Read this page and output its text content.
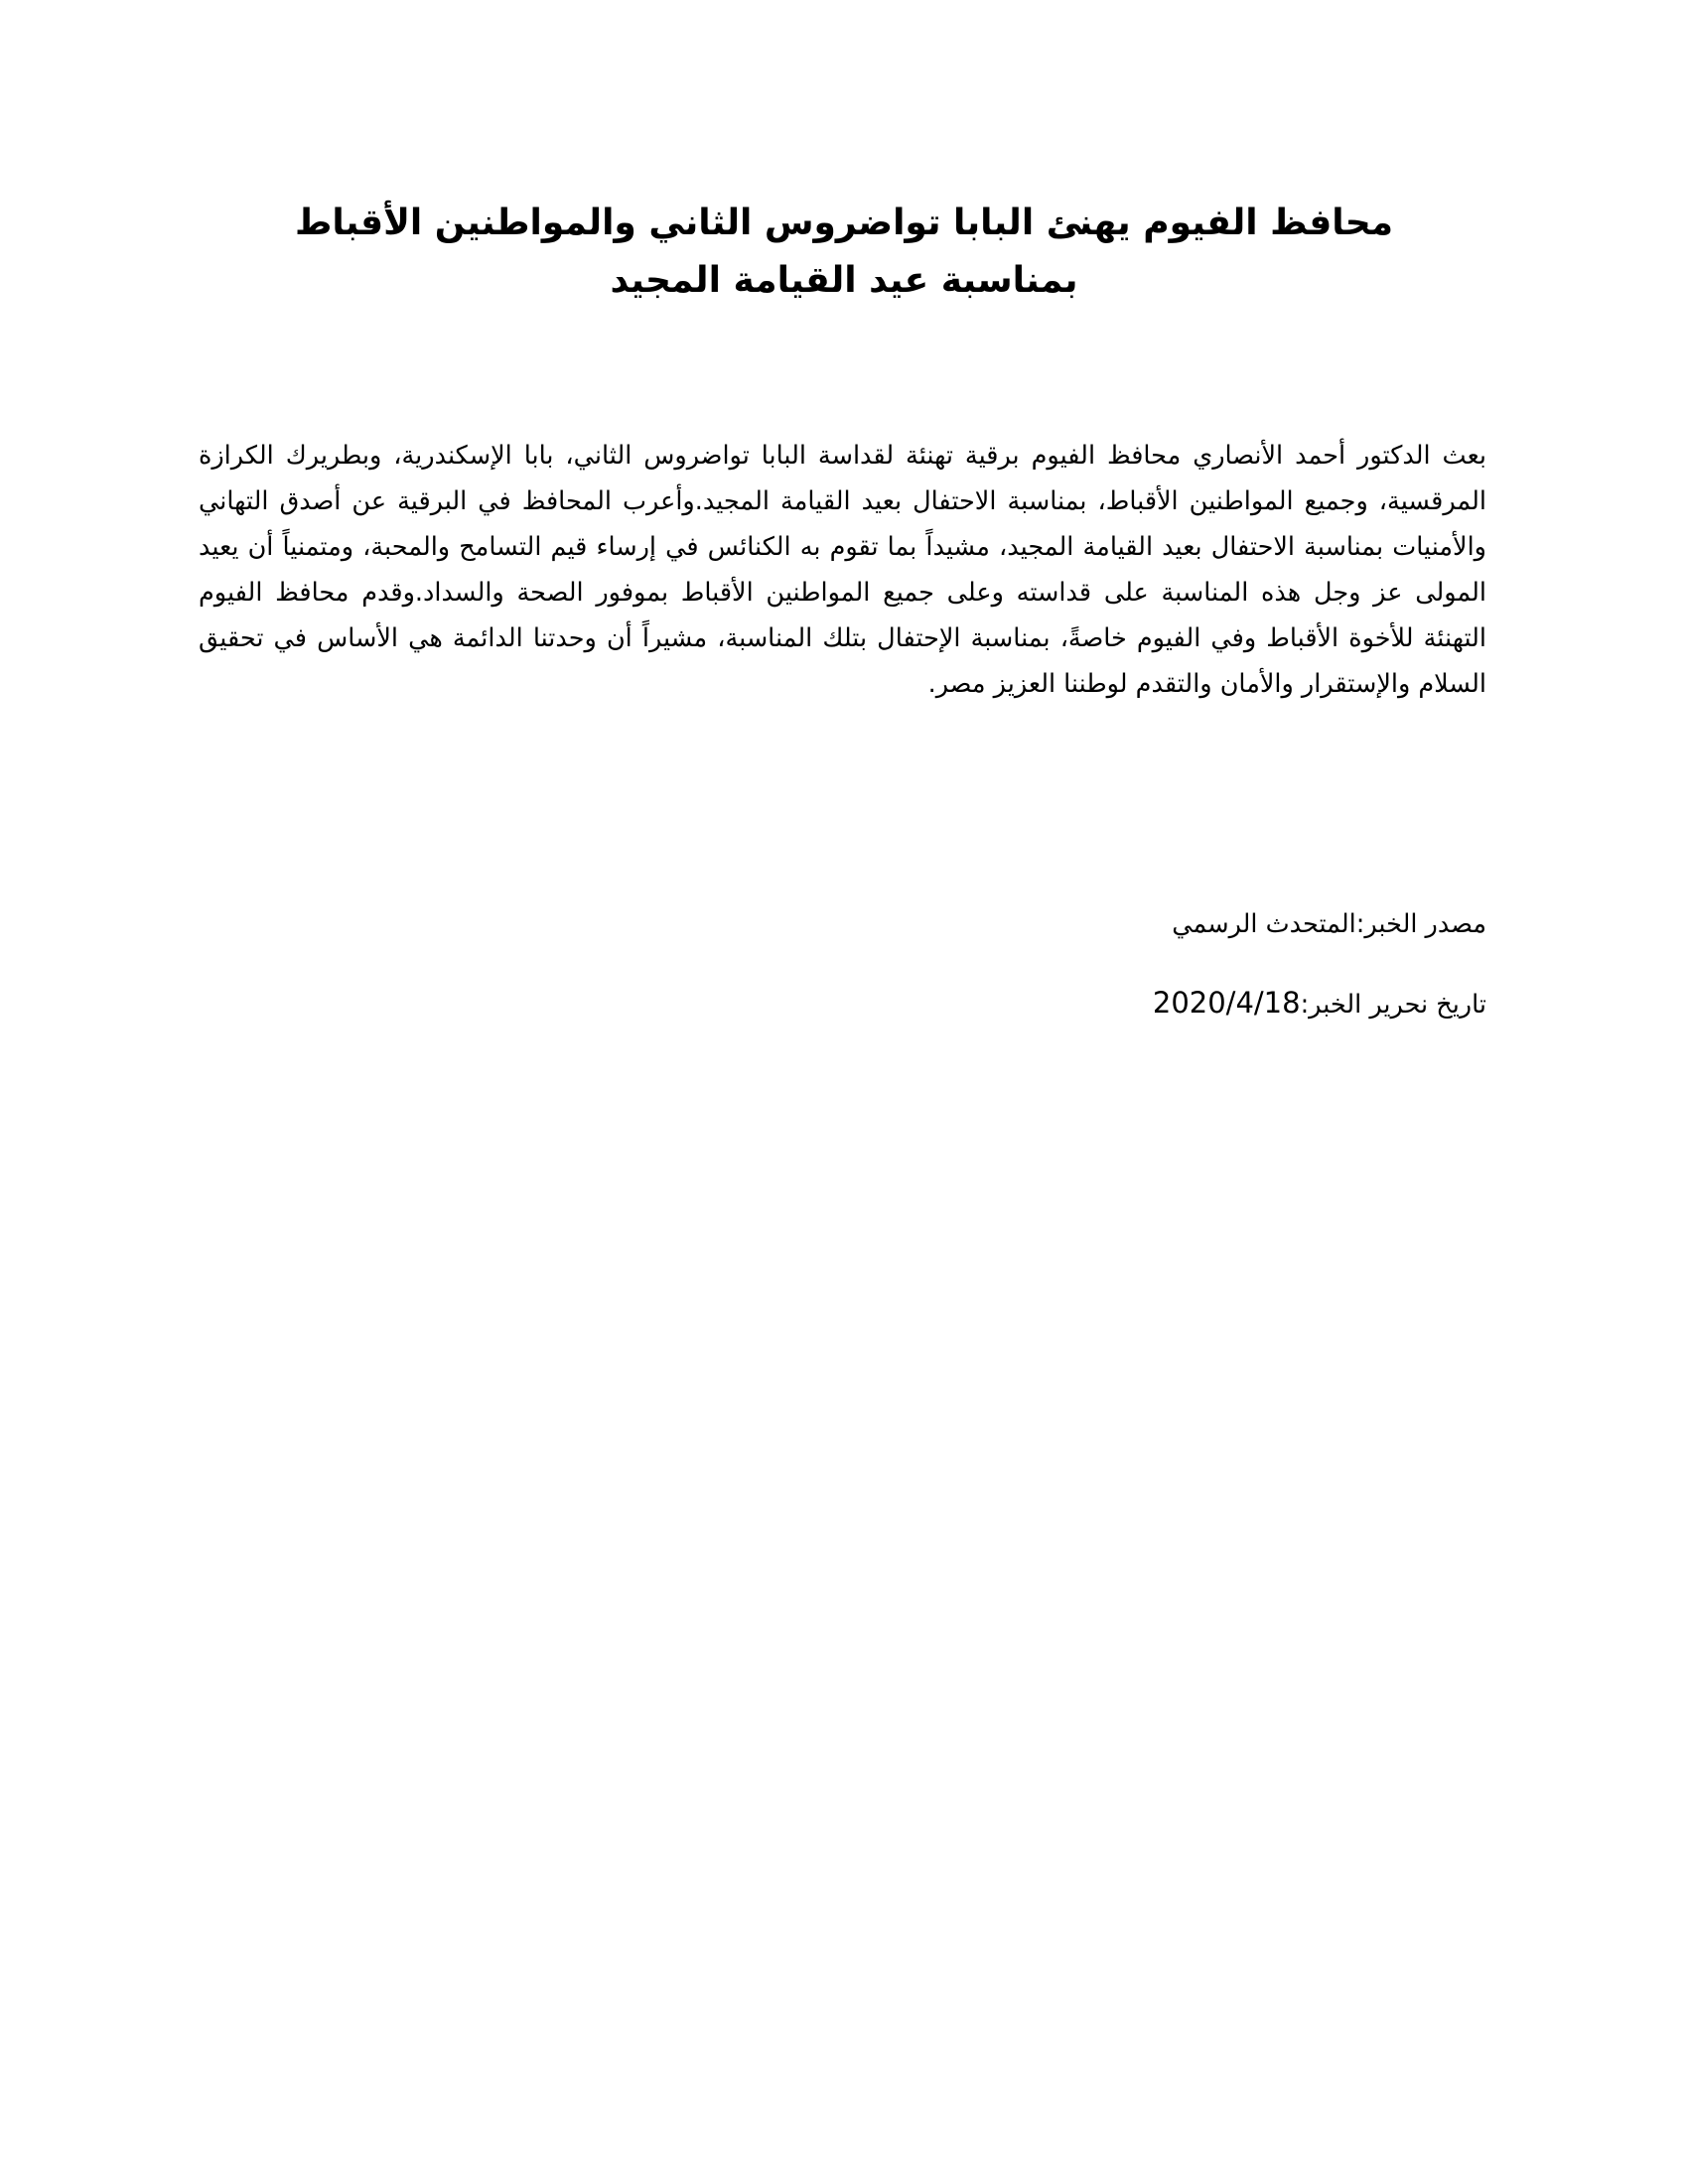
محافظ الفيوم يهنئ البابا تواضروس الثاني والمواطنين الأقباط بمناسبة عيد القيامة المجيد

بعث الدكتور أحمد الأنصاري محافظ الفيوم برقية تهنئة لقداسة البابا تواضروس الثاني، بابا الإسكندرية، وبطريرك الكرازة المرقسية، وجميع المواطنين الأقباط، بمناسبة الاحتفال بعيد القيامة المجيد.وأعرب المحافظ في البرقية عن أصدق التهاني والأمنيات بمناسبة الاحتفال بعيد القيامة المجيد، مشيداً بما تقوم به الكنائس في إرساء قيم التسامح والمحبة، ومتمنياً أن يعيد المولى عز وجل هذه المناسبة على قداسته وعلى جميع المواطنين الأقباط بموفور الصحة والسداد.وقدم محافظ الفيوم التهنئة للأخوة الأقباط وفي الفيوم خاصةً، بمناسبة الإحتفال بتلك المناسبة، مشيراً أن وحدتنا الدائمة هي الأساس في تحقيق السلام والإستقرار والأمان والتقدم لوطننا العزيز مصر.

مصدر الخبر:المتحدث الرسمي

تاريخ نحرير الخبر:2020/4/18
